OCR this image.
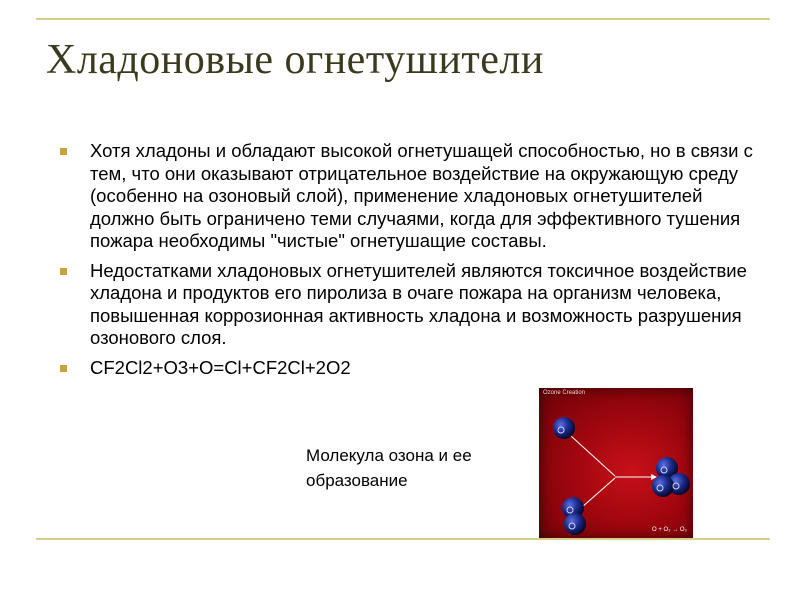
Хладоновые огнетушители
Хотя хладоны и обладают высокой огнетушащей способностью, но в связи с тем, что они оказывают отрицательное воздействие на окружающую среду (особенно на озоновый слой), применение хладоновых огнетушителей должно быть ограничено теми случаями, когда для эффективного тушения пожара необходимы "чистые" огнетушащие составы.
Недостатками хладоновых огнетушителей являются токсичное воздействие хладона и продуктов его пиролиза в очаге пожара на организм человека, повышенная коррозионная активность хладона и возможность разрушения озонового слоя.
CF2Cl2+O3+O=Cl+CF2Cl+2O2
Молекула озона и ее образование
Ozone Creation
O + O₂ → O₃
